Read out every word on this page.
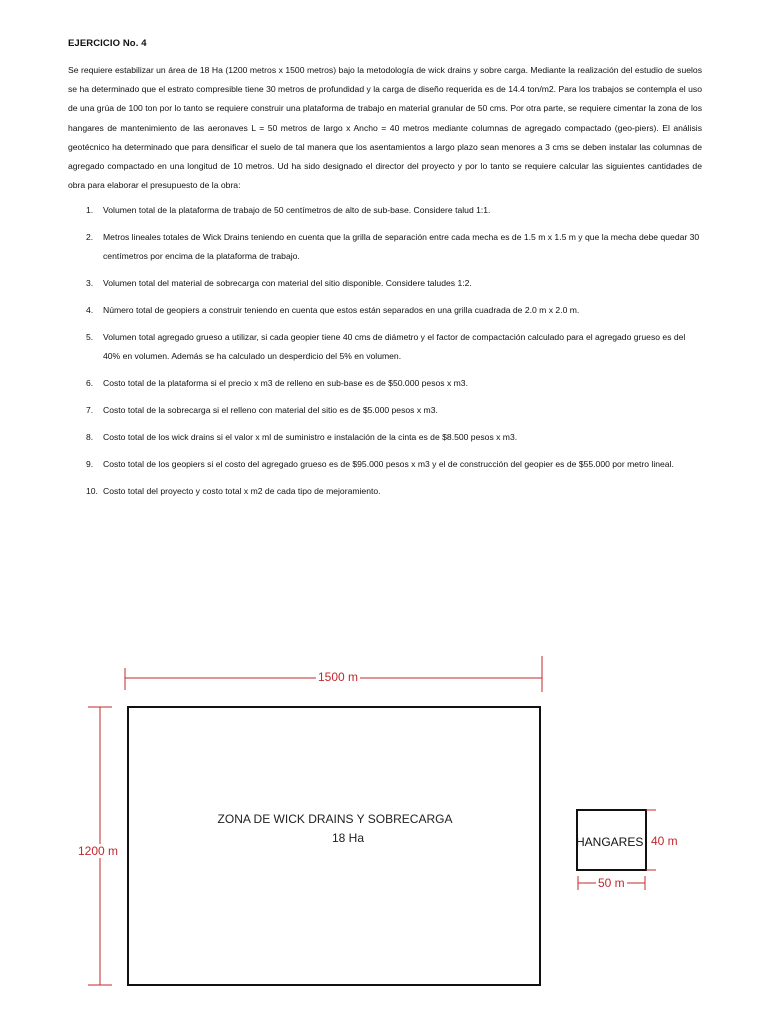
EJERCICIO No. 4

Se requiere estabilizar un área de 18 Ha (1200 metros x 1500 metros) bajo la metodología de wick drains y sobre carga. Mediante la realización del estudio de suelos se ha determinado que el estrato compresible tiene 30 metros de profundidad y la carga de diseño requerida es de 14.4 ton/m2. Para los trabajos se contempla el uso de una grúa de 100 ton por lo tanto se requiere construir una plataforma de trabajo en material granular de 50 cms. Por otra parte, se requiere cimentar la zona de los hangares de mantenimiento de las aeronaves L = 50 metros de largo x Ancho = 40 metros mediante columnas de agregado compactado (geo-piers). El análisis geotécnico ha determinado que para densificar el suelo de tal manera que los asentamientos a largo plazo sean menores a 3 cms se deben instalar las columnas de agregado compactado en una longitud de 10 metros. Ud ha sido designado el director del proyecto y por lo tanto se requiere calcular las siguientes cantidades de obra para elaborar el presupuesto de la obra:

1. Volumen total de la plataforma de trabajo de 50 centímetros de alto de sub-base. Considere talud 1:1.
2. Metros lineales totales de Wick Drains teniendo en cuenta que la grilla de separación entre cada mecha es de 1.5 m x 1.5 m y que la mecha debe quedar 30 centímetros por encima de la plataforma de trabajo.
3. Volumen total del material de sobrecarga con material del sitio disponible. Considere taludes 1:2.
4. Número total de geopiers a construir teniendo en cuenta que estos están separados en una grilla cuadrada de 2.0 m x 2.0 m.
5. Volumen total agregado grueso a utilizar, si cada geopier tiene 40 cms de diámetro y el factor de compactación calculado para el agregado grueso es del 40% en volumen. Además se ha calculado un desperdicio del 5% en volumen.
6. Costo total de la plataforma si el precio x m3 de relleno en sub-base es de $50.000 pesos x m3.
7. Costo total de la sobrecarga si el relleno con material del sitio es de $5.000 pesos x m3.
8. Costo total de los wick drains si el valor x ml de suministro e instalación de la cinta es de $8.500 pesos x m3.
9. Costo total de los geopiers si el costo del agregado grueso es de $95.000 pesos x m3 y el de construcción del geopier es de $55.000 por metro lineal.
10. Costo total del proyecto y costo total x m2 de cada tipo de mejoramiento.
1500 m
1200 m
ZONA DE WICK DRAINS Y SOBRECARGA
18 Ha	HANGARES 40 m
50 m
